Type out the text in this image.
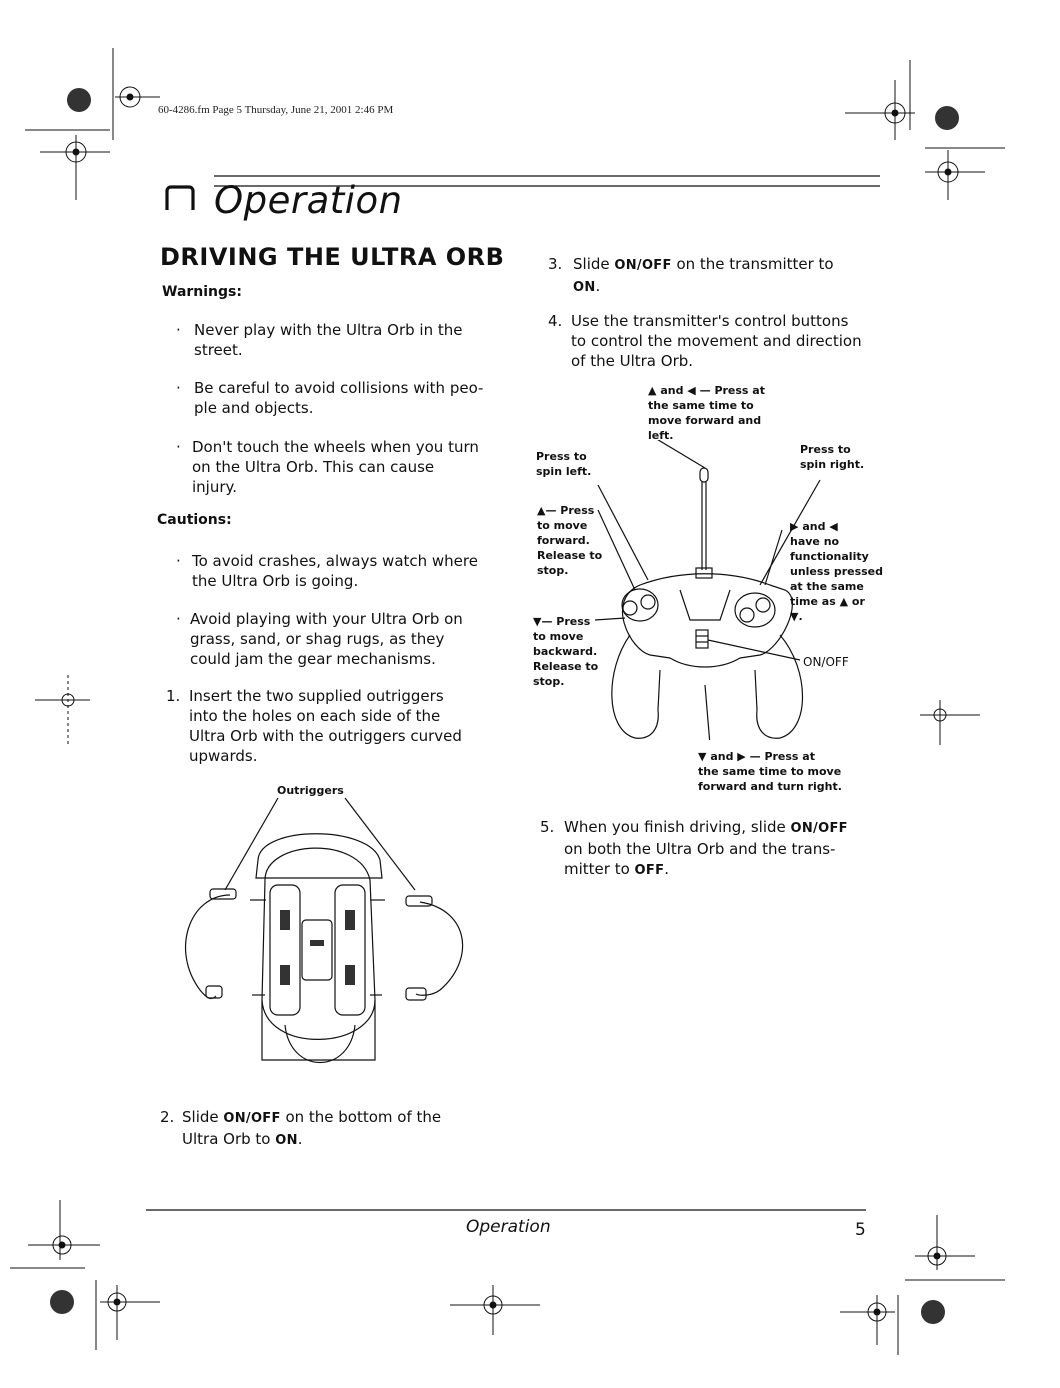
60-4286.fm Page 5 Thursday, June 21, 2001 2:46 PM
Operation
DRIVING THE ULTRA ORB
Warnings:
· Never play with the Ultra Orb in the
street.
· Be careful to avoid collisions with peo-
ple and objects.
· Don't touch the wheels when you turn
on the Ultra Orb. This can cause
injury.
Cautions:
· To avoid crashes, always watch where
the Ultra Orb is going.
· Avoid playing with your Ultra Orb on
grass, sand, or shag rugs, as they
could jam the gear mechanisms.
1. Insert the two supplied outriggers
into the holes on each side of the
Ultra Orb with the outriggers curved
upwards.
Outriggers
2. Slide ON/OFF on the bottom of the
Ultra Orb to ON.
3. Slide ON/OFF on the transmitter to
ON.
4. Use the transmitter's control buttons
to control the movement and direction
of the Ultra Orb.
▲ and ◀ — Press at
the same time to
move forward and
left.
Press to
spin left.
Press to
spin right.
▲— Press
to move
forward.
Release to
stop.
▼— Press
to move
backward.
Release to
stop.
▶ and ◀
have no
functionality
unless pressed
at the same
time as ▲ or
▼.
ON/OFF
▼ and ▶ — Press at
the same time to move
forward and turn right.
5. When you finish driving, slide ON/OFF
on both the Ultra Orb and the trans-
mitter to OFF.
Operation	5
